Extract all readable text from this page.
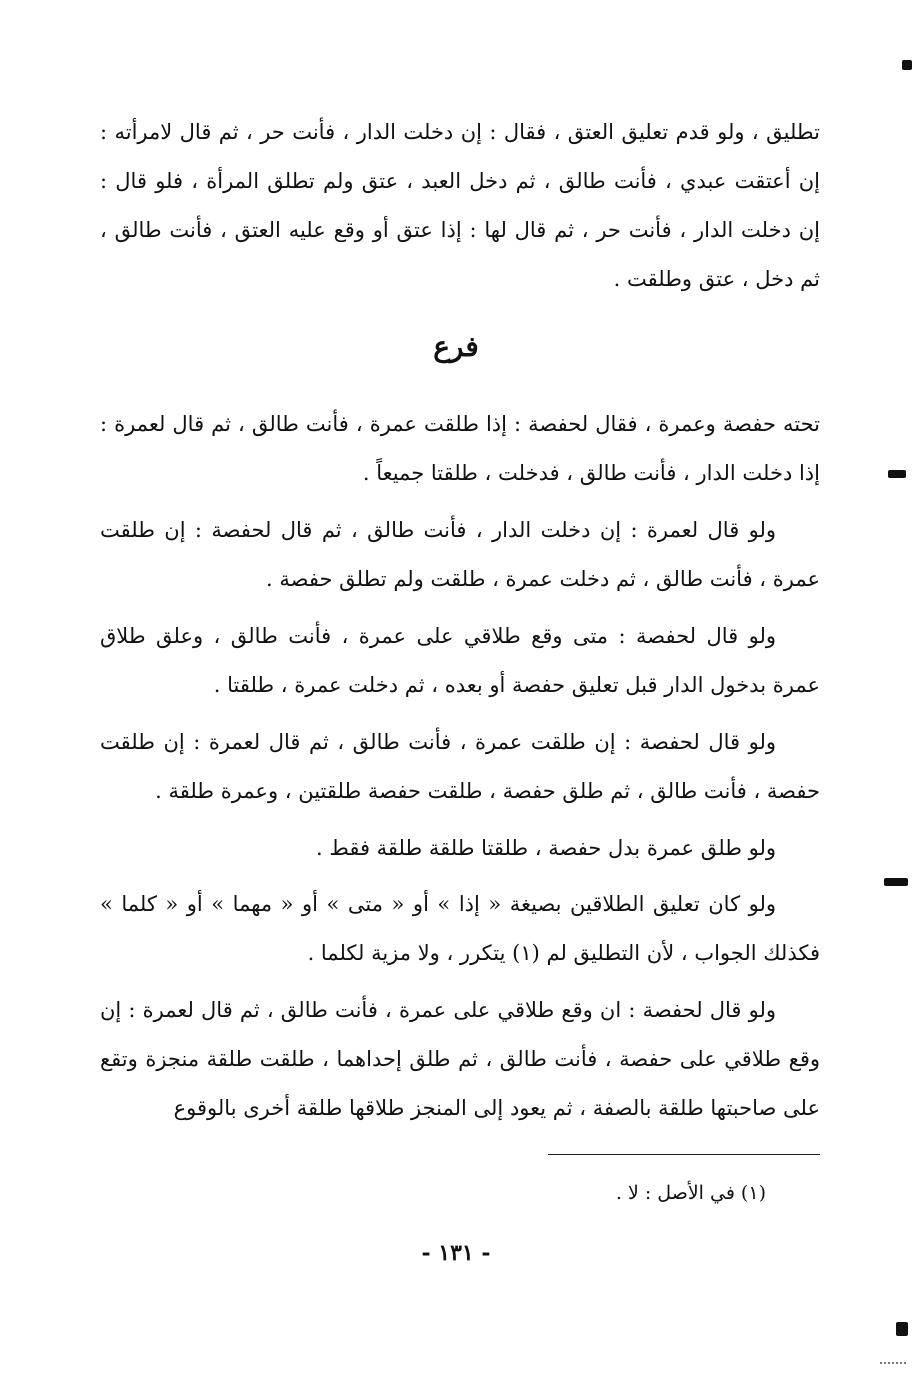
تطليق ، ولو قدم تعليق العتق ، فقال : إن دخلت الدار ، فأنت حر ، ثم قال لامرأته : إن أعتقت عبدي ، فأنت طالق ، ثم دخل العبد ، عتق ولم تطلق المرأة ، فلو قال : إن دخلت الدار ، فأنت حر ، ثم قال لها : إذا عتق أو وقع عليه العتق ، فأنت طالق ، ثم دخل ، عتق وطلقت .

فرع

تحته حفصة وعمرة ، فقال لحفصة : إذا طلقت عمرة ، فأنت طالق ، ثم قال لعمرة : إذا دخلت الدار ، فأنت طالق ، فدخلت ، طلقتا جميعاً .

ولو قال لعمرة : إن دخلت الدار ، فأنت طالق ، ثم قال لحفصة : إن طلقت عمرة ، فأنت طالق ، ثم دخلت عمرة ، طلقت ولم تطلق حفصة .

ولو قال لحفصة : متى وقع طلاقي على عمرة ، فأنت طالق ، وعلق طلاق عمرة بدخول الدار قبل تعليق حفصة أو بعده ، ثم دخلت عمرة ، طلقتا .

ولو قال لحفصة : إن طلقت عمرة ، فأنت طالق ، ثم قال لعمرة : إن طلقت حفصة ، فأنت طالق ، ثم طلق حفصة ، طلقت حفصة طلقتين ، وعمرة طلقة .

ولو طلق عمرة بدل حفصة ، طلقتا طلقة طلقة فقط .

ولو كان تعليق الطلاقين بصيغة « إذا » أو « متى » أو « مهما » أو « كلما » فكذلك الجواب ، لأن التطليق لم (١) يتكرر ، ولا مزية لكلما .

ولو قال لحفصة : ان وقع طلاقي على عمرة ، فأنت طالق ، ثم قال لعمرة : إن وقع طلاقي على حفصة ، فأنت طالق ، ثم طلق إحداهما ، طلقت طلقة منجزة وتقع على صاحبتها طلقة بالصفة ، ثم يعود إلى المنجز طلاقها طلقة أخرى بالوقوع

(١) في الأصل : لا .
- ١٣١ -
